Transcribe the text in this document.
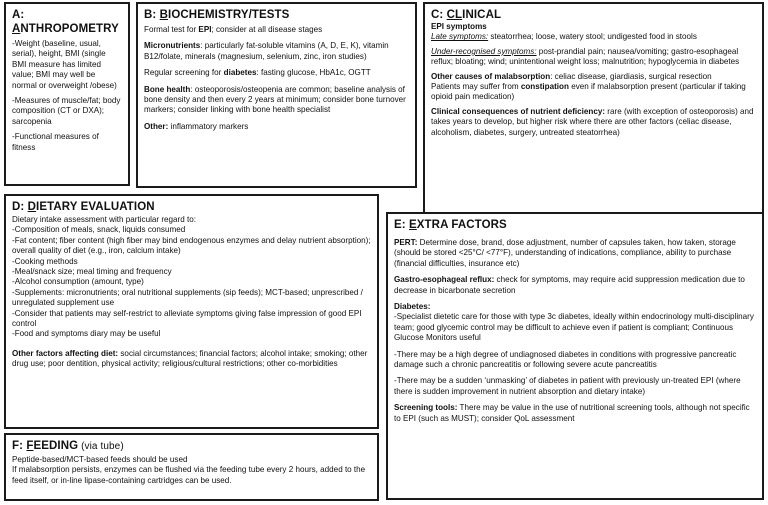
A: ANTHROPOMETRY
-Weight (baseline, usual, serial), height, BMI (single BMI measure has limited value; BMI may well be normal or overweight /obese)
-Measures of muscle/fat; body composition (CT or DXA); sarcopenia
-Functional measures of fitness
B: BIOCHEMISTRY/TESTS
Formal test for EPI; consider at all disease stages
Micronutrients: particularly fat-soluble vitamins (A, D, E, K), vitamin B12/folate, minerals (magnesium, selenium, zinc, iron studies)
Regular screening for diabetes: fasting glucose, HbA1c, OGTT
Bone health: osteoporosis/osteopenia are common; baseline analysis of bone density and then every 2 years at minimum; consider bone turnover markers; consider linking with bone health specialist
Other: inflammatory markers
C: CLINICAL
EPI symptoms
Late symptoms: steatorrhea; loose, watery stool; undigested food in stools
Under-recognised symptoms: post-prandial pain; nausea/vomiting; gastro-esophageal reflux; bloating; wind; unintentional weight loss; malnutrition; hypoglycemia in diabetes
Other causes of malabsorption: celiac disease, giardiasis, surgical resection
Patients may suffer from constipation even if malabsorption present (particular if taking opioid pain medication)
Clinical consequences of nutrient deficiency: rare (with exception of osteoporosis) and takes years to develop, but higher risk where there are other factors (celiac disease, alcoholism, diabetes, surgery, untreated steatorrhea)
D: DIETARY EVALUATION
Dietary intake assessment with particular regard to:
-Composition of meals, snack, liquids consumed
-Fat content; fiber content (high fiber may bind endogenous enzymes and delay nutrient absorption); overall quality of diet (e.g., iron, calcium intake)
-Cooking methods
-Meal/snack size; meal timing and frequency
-Alcohol consumption (amount, type)
-Supplements: micronutrients; oral nutritional supplements (sip feeds); MCT-based; unprescribed / unregulated supplement use
-Consider that patients may self-restrict to alleviate symptoms giving false impression of good EPI control
-Food and symptoms diary may be useful
Other factors affecting diet: social circumstances; financial factors; alcohol intake; smoking; other drug use; poor dentition, physical activity; religious/cultural restrictions; other co-morbidities
E: EXTRA FACTORS
PERT: Determine dose, brand, dose adjustment, number of capsules taken, how taken, storage (should be stored <25°C/ <77°F), understanding of indications, compliance, ability to purchase (financial difficulties, insurance etc)
Gastro-esophageal reflux: check for symptoms, may require acid suppression medication due to decrease in bicarbonate secretion
Diabetes:
-Specialist dietetic care for those with type 3c diabetes, ideally within endocrinology multi-disciplinary team; good glycemic control may be difficult to achieve even if patient is compliant; Continuous Glucose Monitors useful
-There may be a high degree of undiagnosed diabetes in conditions with progressive pancreatic damage such a chronic pancreatitis or following severe acute pancreatitis
-There may be a sudden ‘unmasking’ of diabetes in patient with previously un-treated EPI (where there is sudden improvement in nutrient absorption and dietary intake)
Screening tools: There may be value in the use of nutritional screening tools, although not specific to EPI (such as MUST); consider QoL assessment
F: FEEDING (via tube)
Peptide-based/MCT-based feeds should be used
If malabsorption persists, enzymes can be flushed via the feeding tube every 2 hours, added to the feed itself, or in-line lipase-containing cartridges can be used.
